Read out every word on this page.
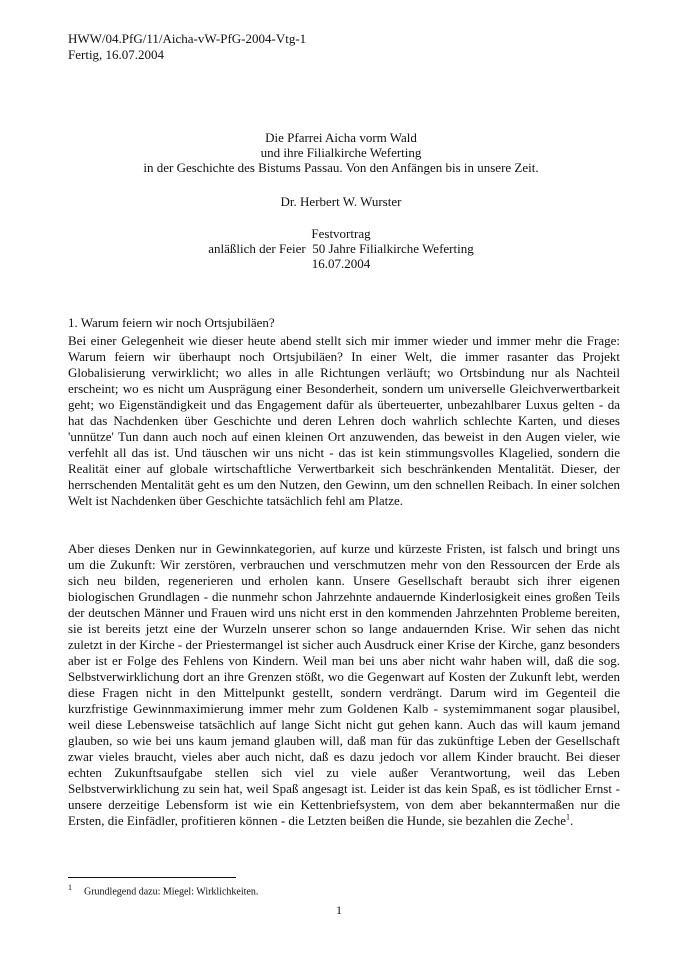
HWW/04.PfG/11/Aicha-vW-PfG-2004-Vtg-1
Fertig, 16.07.2004
Die Pfarrei Aicha vorm Wald
und ihre Filialkirche Weferting
in der Geschichte des Bistums Passau. Von den Anfängen bis in unsere Zeit.
Dr. Herbert W. Wurster
Festvortrag
anläßlich der Feier  50 Jahre Filialkirche Weferting
16.07.2004
1. Warum feiern wir noch Ortsjubiläen?

Bei einer Gelegenheit wie dieser heute abend stellt sich mir immer wieder und immer mehr die Frage: Warum feiern wir überhaupt noch Ortsjubiläen? In einer Welt, die immer rasanter das Projekt Globalisierung verwirklicht; wo alles in alle Richtungen verläuft; wo Ortsbindung nur als Nachteil erscheint; wo es nicht um Ausprägung einer Besonderheit, sondern um universelle Gleichverwertbarkeit geht; wo Eigenständigkeit und das Engagement dafür als überteuerter, unbezahlbarer Luxus gelten - da hat das Nachdenken über Geschichte und deren Lehren doch wahrlich schlechte Karten, und dieses 'unnütze' Tun dann auch noch auf einen kleinen Ort anzuwenden, das beweist in den Augen vieler, wie verfehlt all das ist. Und täuschen wir uns nicht - das ist kein stimmungsvolles Klagelied, sondern die Realität einer auf globale wirtschaftliche Verwertbarkeit sich beschränkenden Mentalität. Dieser, der herrschenden Mentalität geht es um den Nutzen, den Gewinn, um den schnellen Reibach. In einer solchen Welt ist Nachdenken über Geschichte tatsächlich fehl am Platze.

Aber dieses Denken nur in Gewinnkategorien, auf kurze und kürzeste Fristen, ist falsch und bringt uns um die Zukunft: Wir zerstören, verbrauchen und verschmutzen mehr von den Ressourcen der Erde als sich neu bilden, regenerieren und erholen kann. Unsere Gesellschaft beraubt sich ihrer eigenen biologischen Grundlagen - die nunmehr schon Jahrzehnte andauernde Kinderlosigkeit eines großen Teils der deutschen Männer und Frauen wird uns nicht erst in den kommenden Jahrzehnten Probleme bereiten, sie ist bereits jetzt eine der Wurzeln unserer schon so lange andauernden Krise. Wir sehen das nicht zuletzt in der Kirche - der Priestermangel ist sicher auch Ausdruck einer Krise der Kirche, ganz besonders aber ist er Folge des Fehlens von Kindern. Weil man bei uns aber nicht wahr haben will, daß die sog. Selbstverwirklichung dort an ihre Grenzen stößt, wo die Gegenwart auf Kosten der Zukunft lebt, werden diese Fragen nicht in den Mittelpunkt gestellt, sondern verdrängt. Darum wird im Gegenteil die kurzfristige Gewinnmaximierung immer mehr zum Goldenen Kalb - systemimmanent sogar plausibel, weil diese Lebensweise tatsächlich auf lange Sicht nicht gut gehen kann. Auch das will kaum jemand glauben, so wie bei uns kaum jemand glauben will, daß man für das zukünftige Leben der Gesellschaft zwar vieles braucht, vieles aber auch nicht, daß es dazu jedoch vor allem Kinder braucht. Bei dieser echten Zukunftsaufgabe stellen sich viel zu viele außer Verantwortung, weil das Leben Selbstverwirklichung zu sein hat, weil Spaß angesagt ist. Leider ist das kein Spaß, es ist tödlicher Ernst - unsere derzeitige Lebensform ist wie ein Kettenbriefsystem, von dem aber bekanntermaßen nur die Ersten, die Einfädler, profitieren können - die Letzten beißen die Hunde, sie bezahlen die Zeche$^1$.

1 Grundlegend dazu: Miegel: Wirklichkeiten.
1
